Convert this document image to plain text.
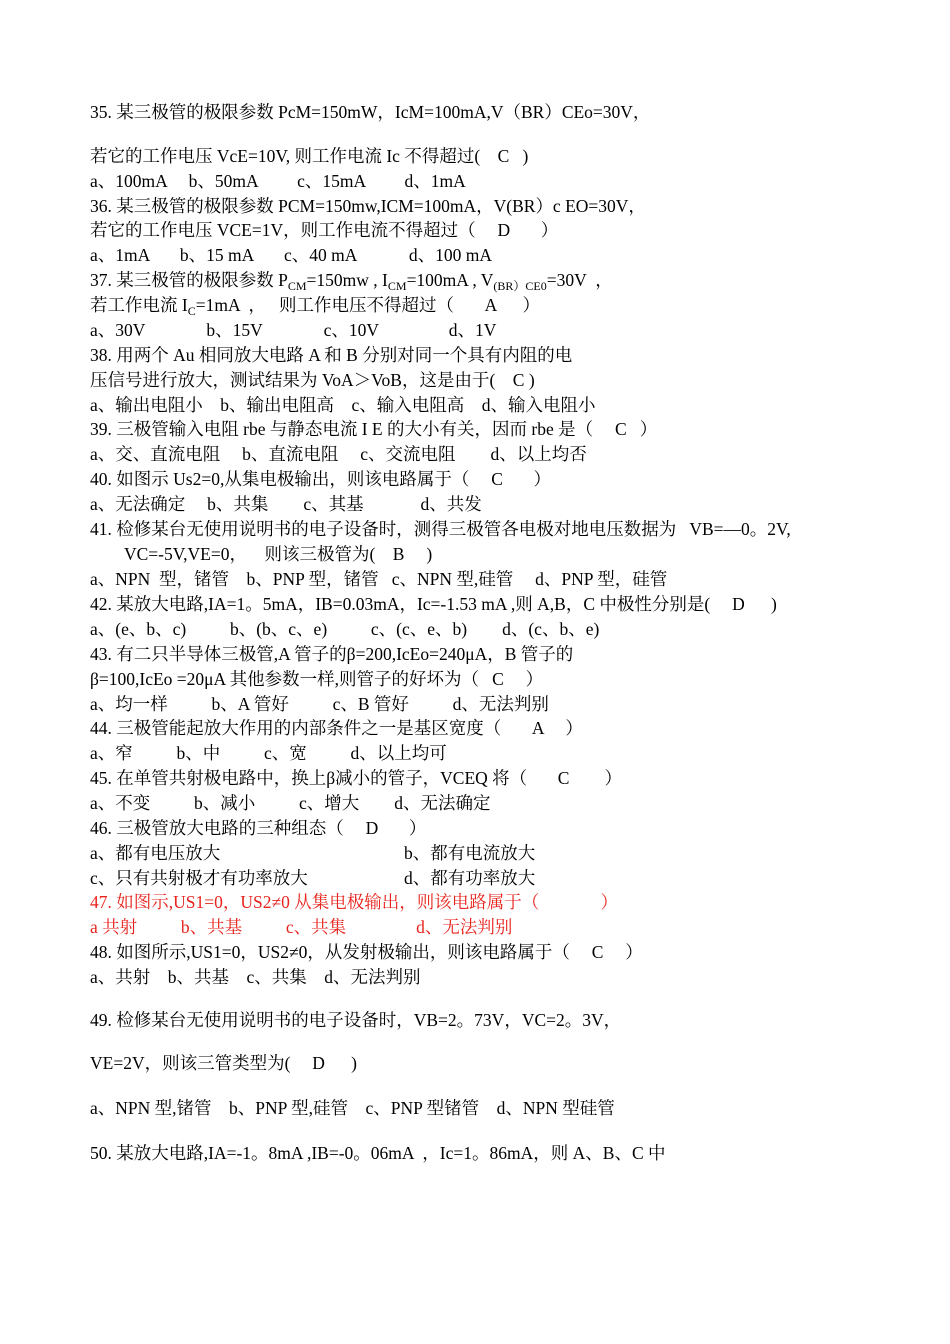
35. 某三极管的极限参数 PcM=150mW，IcM=100mA,V（BR）CEo=30V，
若它的工作电压 VcE=10V, 则工作电流 Ic 不得超过(    C   )
a、100mA     b、50mA         c、15mA         d、1mA
36. 某三极管的极限参数 PCM=150mw,ICM=100mA，V(BR）c EO=30V，
若它的工作电压 VCE=1V，则工作电流不得超过（     D       ）
a、1mA       b、15 mA       c、40 mA            d、100 mA
37. 某三极管的极限参数 $P_{CM}=150mw$ , $I_{CM}=100mA$ , $V_{(BR)CE0}=30V$  ，
若工作电流 $I_C=1mA$  ，   则工作电压不得超过（       A      ）
a、30V              b、15V              c、10V                d、1V
38. 用两个 Au 相同放大电路 A 和 B 分别对同一个具有内阻的电
压信号进行放大，测试结果为 VoA＞VoB，这是由于(    C )
a、输出电阻小    b、输出电阻高    c、输入电阻高    d、输入电阻小
39. 三极管输入电阻 rbe 与静态电流 I E 的大小有关，因而 rbe 是（     C   ）
a、交、直流电阻     b、直流电阻     c、交流电阻        d、以上均否
40. 如图示 Us2=0,从集电极输出，则该电路属于（     C       ）
a、无法确定     b、共集        c、其基             d、共发
41. 检修某台无使用说明书的电子设备时，测得三极管各电极对地电压数据为   VB=—0。2V,
VC=-5V,VE=0，    则该三极管为(    B     )
a、NPN  型，锗管    b、PNP 型，锗管   c、NPN 型,硅管     d、PNP 型，硅管
42. 某放大电路,IA=1。5mA，IB=0.03mA，Ic=-1.53 mA ,则 A,B，C 中极性分别是(     D      )
a、(e、b、c)          b、(b、c、e)          c、(c、e、b)        d、(c、b、e)
43. 有二只半导体三极管,A 管子的β=200,IcEo=240μA，B 管子的
β=100,IcEo =20μA 其他参数一样,则管子的好坏为（   C     ）
a、均一样          b、A 管好          c、B 管好          d、无法判别
44. 三极管能起放大作用的内部条件之一是基区宽度（       A     ）
a、窄          b、中          c、宽          d、以上均可
45. 在单管共射极电路中，换上β减小的管子，VCEQ 将（       C        ）
a、不变          b、减小          c、增大        d、无法确定
46. 三极管放大电路的三种组态（     D       ）
a、都有电压放大	b、都有电流放大
c、只有共射极才有功率放大	d、都有功率放大
47. 如图示,US1=0，US2≠0 从集电极输出，则该电路属于（              ）
a 共射          b、共基          c、共集                d、无法判别
48. 如图所示,US1=0，US2≠0，从发射极输出，则该电路属于（     C     ）
a、共射    b、共基    c、共集    d、无法判别
49. 检修某台无使用说明书的电子设备时，VB=2。73V，VC=2。3V，
VE=2V，则该三管类型为(     D      )
a、NPN 型,锗管    b、PNP 型,硅管    c、PNP 型锗管    d、NPN 型硅管
50. 某放大电路,IA=-1。8mA ,IB=-0。06mA  ，Ic=1。86mA，则 A、B、C 中
